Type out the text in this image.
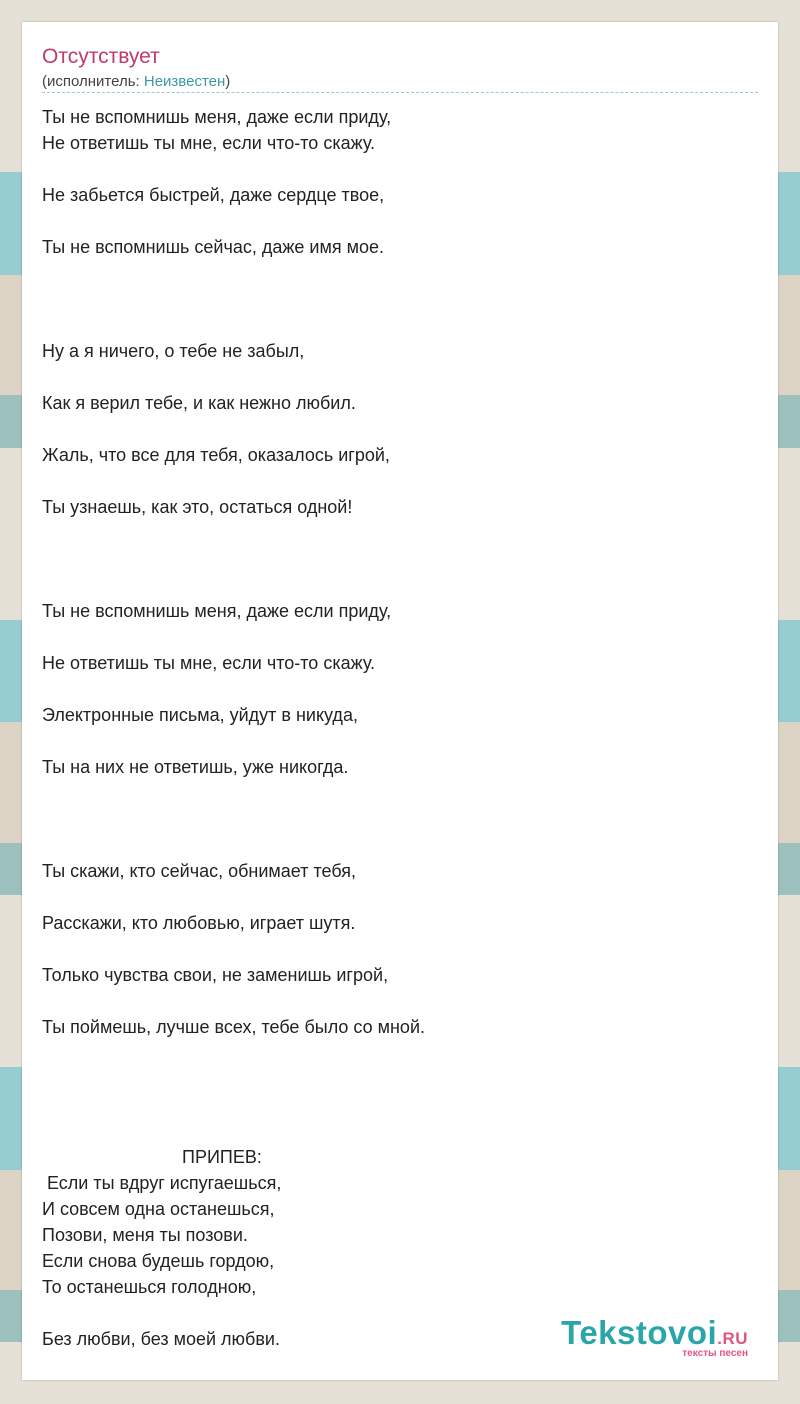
Отсутствует
(исполнитель: Неизвестен)
Ты не вспомнишь меня, даже если приду,
Не ответишь ты мне, если что-то скажу.
Не забьется быстрей, даже сердце твое,
Ты не вспомнишь сейчас, даже имя мое.
Ну а я ничего, о тебе не забыл,
Как я верил тебе, и как нежно любил.
Жаль, что все для тебя, оказалось игрой,
Ты узнаешь, как это, остаться одной!
Ты не вспомнишь меня, даже если приду,
Не ответишь ты мне, если что-то скажу.
Электронные письма, уйдут в никуда,
Ты на них не ответишь, уже никогда.
Ты скажи, кто сейчас, обнимает тебя,
Расскажи, кто любовью, играет шутя.
Только чувства свои, не заменишь игрой,
Ты поймешь, лучше всех, тебе было со мной.
ПРИПЕВ:
Если ты вдруг испугаешься,
И совсем одна останешься,
Позови, меня ты позови.
Если снова будешь гордою,
То останешься голодною,
Без любви, без моей любви.	Tekstovoi.RU
тексты песен
